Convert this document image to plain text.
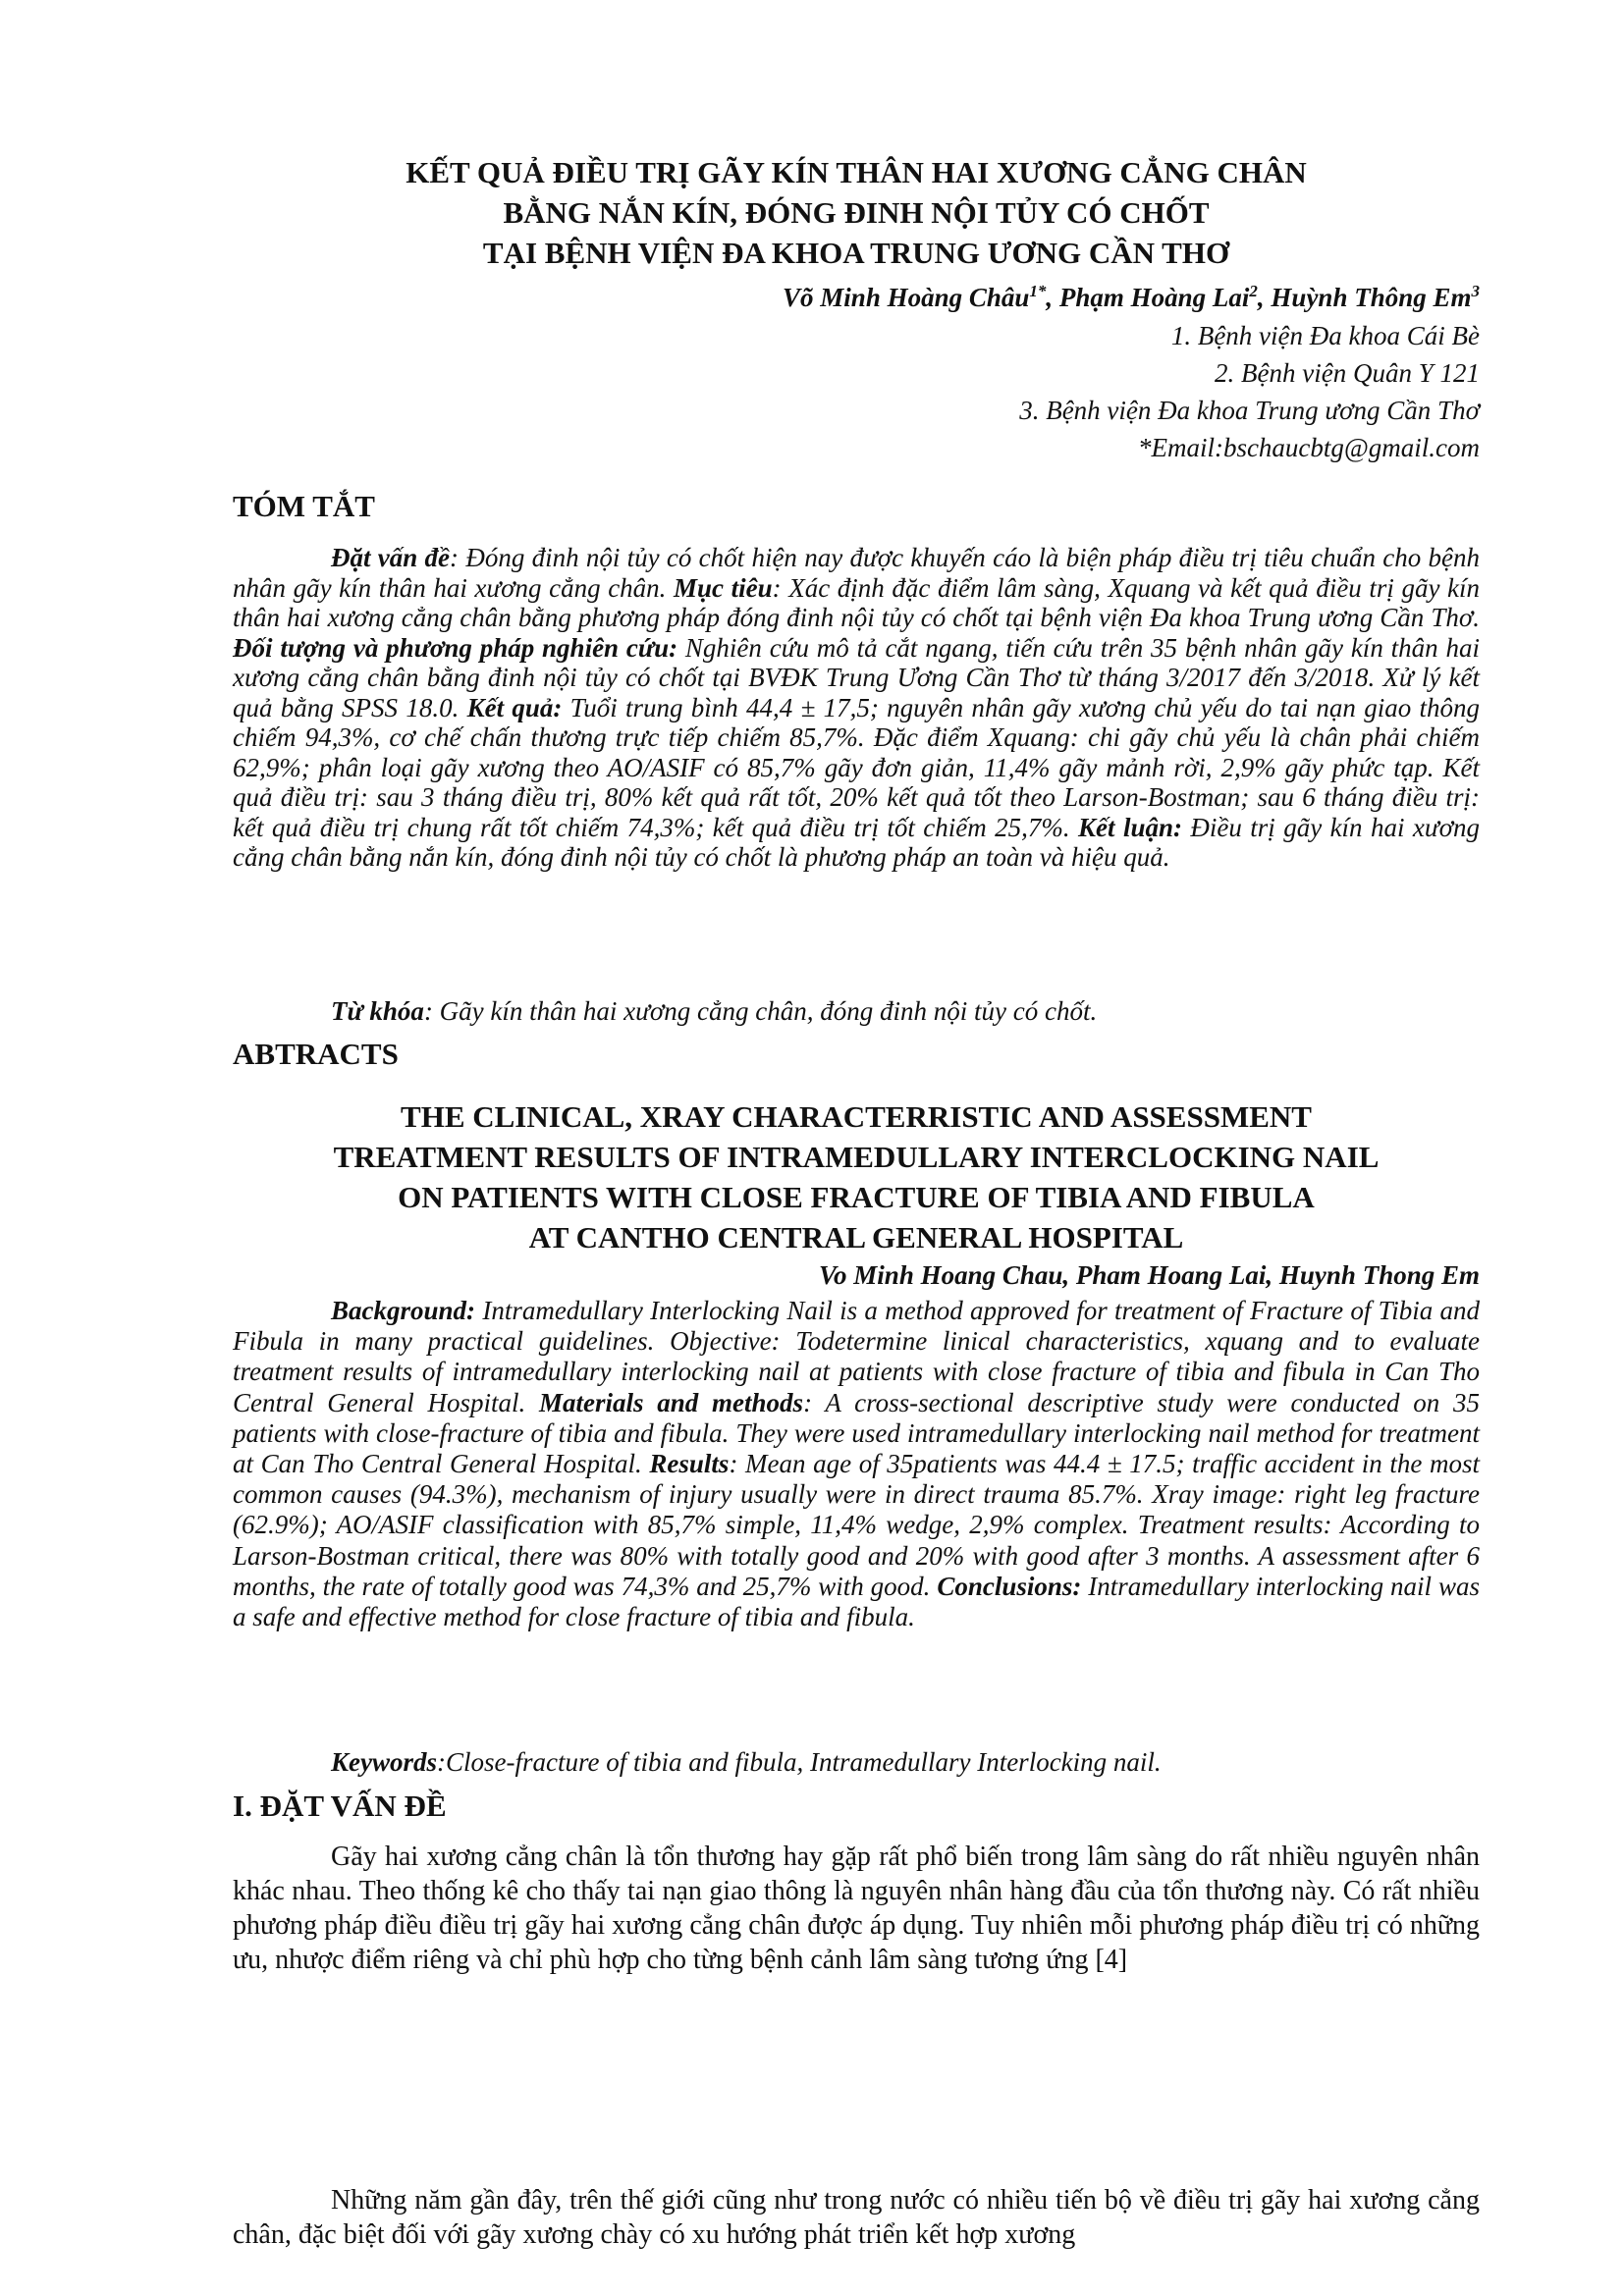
KẾT QUẢ ĐIỀU TRỊ GÃY KÍN THÂN HAI XƯƠNG CẲNG CHÂN
BẰNG NẮN KÍN, ĐÓNG ĐINH NỘI TỦY CÓ CHỐT
TẠI BỆNH VIỆN ĐA KHOA TRUNG ƯƠNG CẦN THƠ
Võ Minh Hoàng Châu$^{1*}$, Phạm Hoàng Lai$^2$, Huỳnh Thông Em$^3$
1. Bệnh viện Đa khoa Cái Bè
2. Bệnh viện Quân Y 121
3. Bệnh viện Đa khoa Trung ương Cần Thơ
*Email:bschaucbtg@gmail.com
TÓM TẮT
Đặt vấn đề: Đóng đinh nội tủy có chốt hiện nay được khuyến cáo là biện pháp điều trị tiêu chuẩn cho bệnh nhân gãy kín thân hai xương cẳng chân. Mục tiêu: Xác định đặc điểm lâm sàng, Xquang và kết quả điều trị gãy kín thân hai xương cẳng chân bằng phương pháp đóng đinh nội tủy có chốt tại bệnh viện Đa khoa Trung ương Cần Thơ. Đối tượng và phương pháp nghiên cứu: Nghiên cứu mô tả cắt ngang, tiến cứu trên 35 bệnh nhân gãy kín thân hai xương cẳng chân bằng đinh nội tủy có chốt tại BVĐK Trung Ương Cần Thơ từ tháng 3/2017 đến 3/2018. Xử lý kết quả bằng SPSS 18.0. Kết quả: Tuổi trung bình 44,4 ± 17,5; nguyên nhân gãy xương chủ yếu do tai nạn giao thông chiếm 94,3%, cơ chế chấn thương trực tiếp chiếm 85,7%. Đặc điểm Xquang: chi gãy chủ yếu là chân phải chiếm 62,9%; phân loại gãy xương theo AO/ASIF có 85,7% gãy đơn giản, 11,4% gãy mảnh rời, 2,9% gãy phức tạp. Kết quả điều trị: sau 3 tháng điều trị, 80% kết quả rất tốt, 20% kết quả tốt theo Larson-Bostman; sau 6 tháng điều trị: kết quả điều trị chung rất tốt chiếm 74,3%; kết quả điều trị tốt chiếm 25,7%. Kết luận: Điều trị gãy kín hai xương cẳng chân bằng nắn kín, đóng đinh nội tủy có chốt là phương pháp an toàn và hiệu quả.
Từ khóa: Gãy kín thân hai xương cẳng chân, đóng đinh nội tủy có chốt.
ABTRACTS
THE CLINICAL, XRAY CHARACTERRISTIC AND ASSESSMENT
TREATMENT RESULTS OF INTRAMEDULLARY INTERCLOCKING NAIL
ON PATIENTS WITH CLOSE FRACTURE OF TIBIA AND FIBULA
AT CANTHO CENTRAL GENERAL HOSPITAL
Vo Minh Hoang Chau, Pham Hoang Lai, Huynh Thong Em
Background: Intramedullary Interlocking Nail is a method approved for treatment of Fracture of Tibia and Fibula in many practical guidelines. Objective: Todetermine linical characteristics, xquang and to evaluate treatment results of intramedullary interlocking nail at patients with close fracture of tibia and fibula in Can Tho Central General Hospital. Materials and methods: A cross-sectional descriptive study were conducted on 35 patients with close-fracture of tibia and fibula. They were used intramedullary interlocking nail method for treatment at Can Tho Central General Hospital. Results: Mean age of 35patients was 44.4 ± 17.5; traffic accident in the most common causes (94.3%), mechanism of injury usually were in direct trauma 85.7%. Xray image: right leg fracture (62.9%); AO/ASIF classification with 85,7% simple, 11,4% wedge, 2,9% complex. Treatment results: According to Larson-Bostman critical, there was 80% with totally good and 20% with good after 3 months. A assessment after 6 months, the rate of totally good was 74,3% and 25,7% with good. Conclusions: Intramedullary interlocking nail was a safe and effective method for close fracture of tibia and fibula.
Keywords:Close-fracture of tibia and fibula, Intramedullary Interlocking nail.
I. ĐẶT VẤN ĐỀ
Gãy hai xương cẳng chân là tổn thương hay gặp rất phổ biến trong lâm sàng do rất nhiều nguyên nhân khác nhau. Theo thống kê cho thấy tai nạn giao thông là nguyên nhân hàng đầu của tổn thương này. Có rất nhiều phương pháp điều điều trị gãy hai xương cẳng chân được áp dụng. Tuy nhiên mỗi phương pháp điều trị có những ưu, nhược điểm riêng và chỉ phù hợp cho từng bệnh cảnh lâm sàng tương ứng [4]
Những năm gần đây, trên thế giới cũng như trong nước có nhiều tiến bộ về điều trị gãy hai xương cẳng chân, đặc biệt đối với gãy xương chày có xu hướng phát triển kết hợp xương
